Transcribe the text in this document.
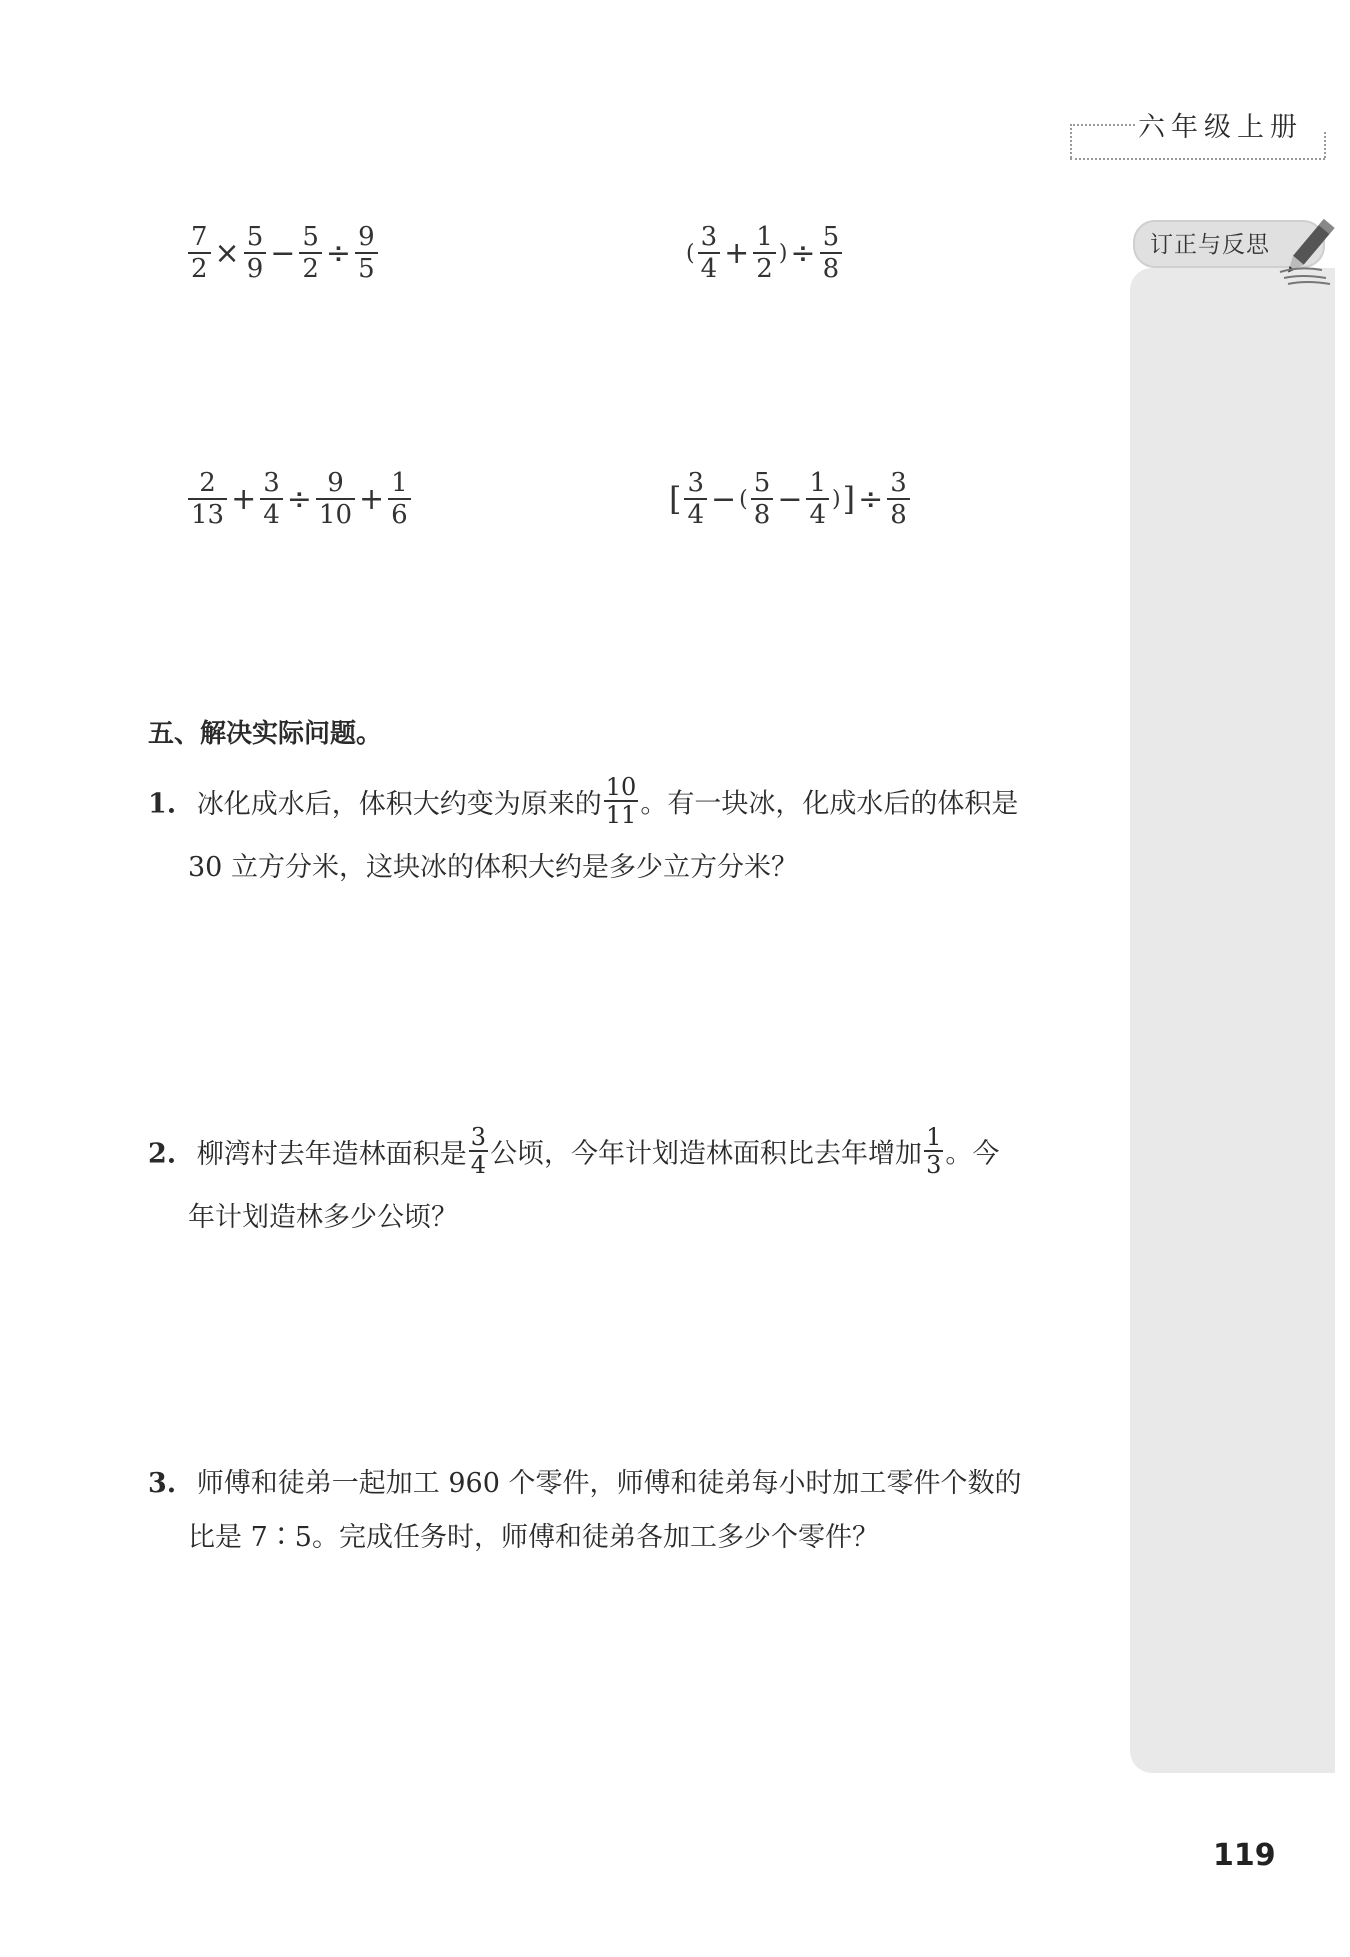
六年级上册
订正与反思
$\frac{7}{2} \times \frac{5}{9} - \frac{5}{2} \div \frac{9}{5}$	( $\frac{3}{4} + \frac{1}{2}$ ) ÷ $\frac{5}{8}$
$\frac{2}{13} + \frac{3}{4} \div \frac{9}{10} + \frac{1}{6}$	[ $\frac{3}{4}$ − ( $\frac{5}{8} - \frac{1}{4}$ ) ] ÷ $\frac{3}{8}$
五、解决实际问题。
1. 冰化成水后，体积大约变为原来的 $\frac{10}{11}$ 。有一块冰，化成水后的体积是
30 立方分米，这块冰的体积大约是多少立方分米？
2. 柳湾村去年造林面积是 $\frac{3}{4}$ 公顷，今年计划造林面积比去年增加 $\frac{1}{3}$ 。今
年计划造林多少公顷？
3. 师傅和徒弟一起加工 960 个零件，师傅和徒弟每小时加工零件个数的
比是 7∶5。完成任务时，师傅和徒弟各加工多少个零件？
119
